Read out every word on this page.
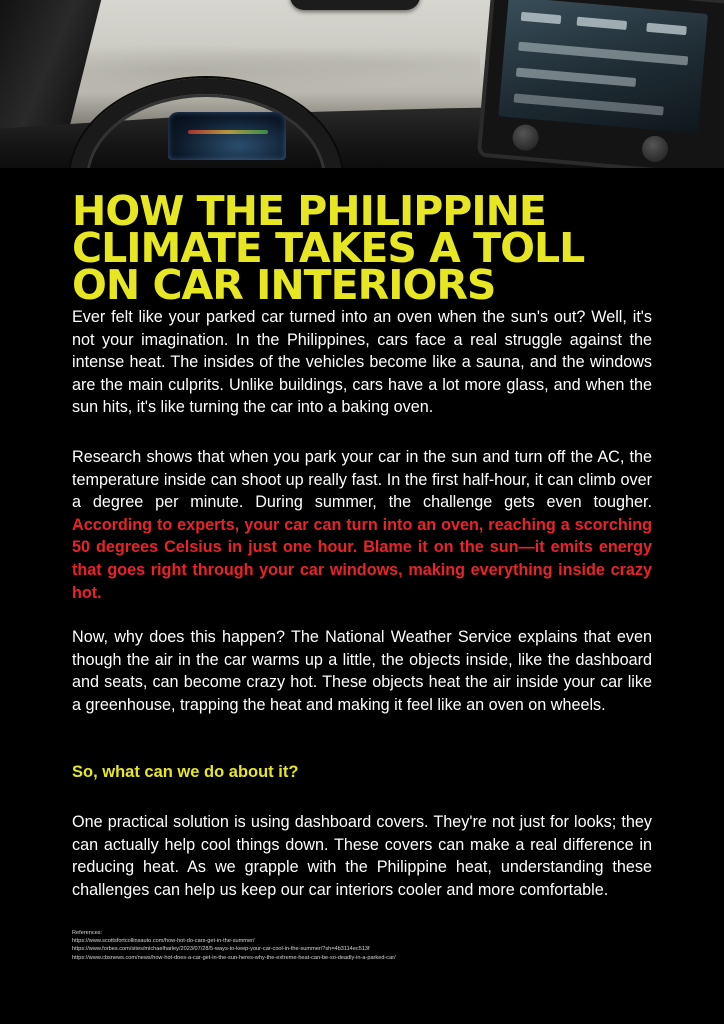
HOW THE PHILIPPINE
CLIMATE TAKES A TOLL
ON CAR INTERIORS

Ever felt like your parked car turned into an oven when the sun's out? Well, it's not your imagination. In the Philippines, cars face a real struggle against the intense heat. The insides of the vehicles become like a sauna, and the windows are the main culprits. Unlike buildings, cars have a lot more glass, and when the sun hits, it's like turning the car into a baking oven.

Research shows that when you park your car in the sun and turn off the AC, the temperature inside can shoot up really fast. In the first half-hour, it can climb over a degree per minute. During summer, the challenge gets even tougher. According to experts, your car can turn into an oven, reaching a scorching 50 degrees Celsius in just one hour. Blame it on the sun—it emits energy that goes right through your car windows, making everything inside crazy hot.

Now, why does this happen? The National Weather Service explains that even though the air in the car warms up a little, the objects inside, like the dashboard and seats, can become crazy hot. These objects heat the air inside your car like a greenhouse, trapping the heat and making it feel like an oven on wheels.

So, what can we do about it?

One practical solution is using dashboard covers. They're not just for looks; they can actually help cool things down. These covers can make a real difference in reducing heat. As we grapple with the Philippine heat, understanding these challenges can help us keep our car interiors cooler and more comfortable.

References:
https://www.scottsfortcollinsauto.com/how-hot-do-cars-get-in-the-summer/
https://www.forbes.com/sites/michaelharley/2023/07/28/5-ways-to-keep-your-car-cool-in-the-summer/?sh=4b3114ec513f
https://www.cbsnews.com/news/how-hot-does-a-car-get-in-the-sun-heres-why-the-extreme-heat-can-be-so-deadly-in-a-parked-car/
